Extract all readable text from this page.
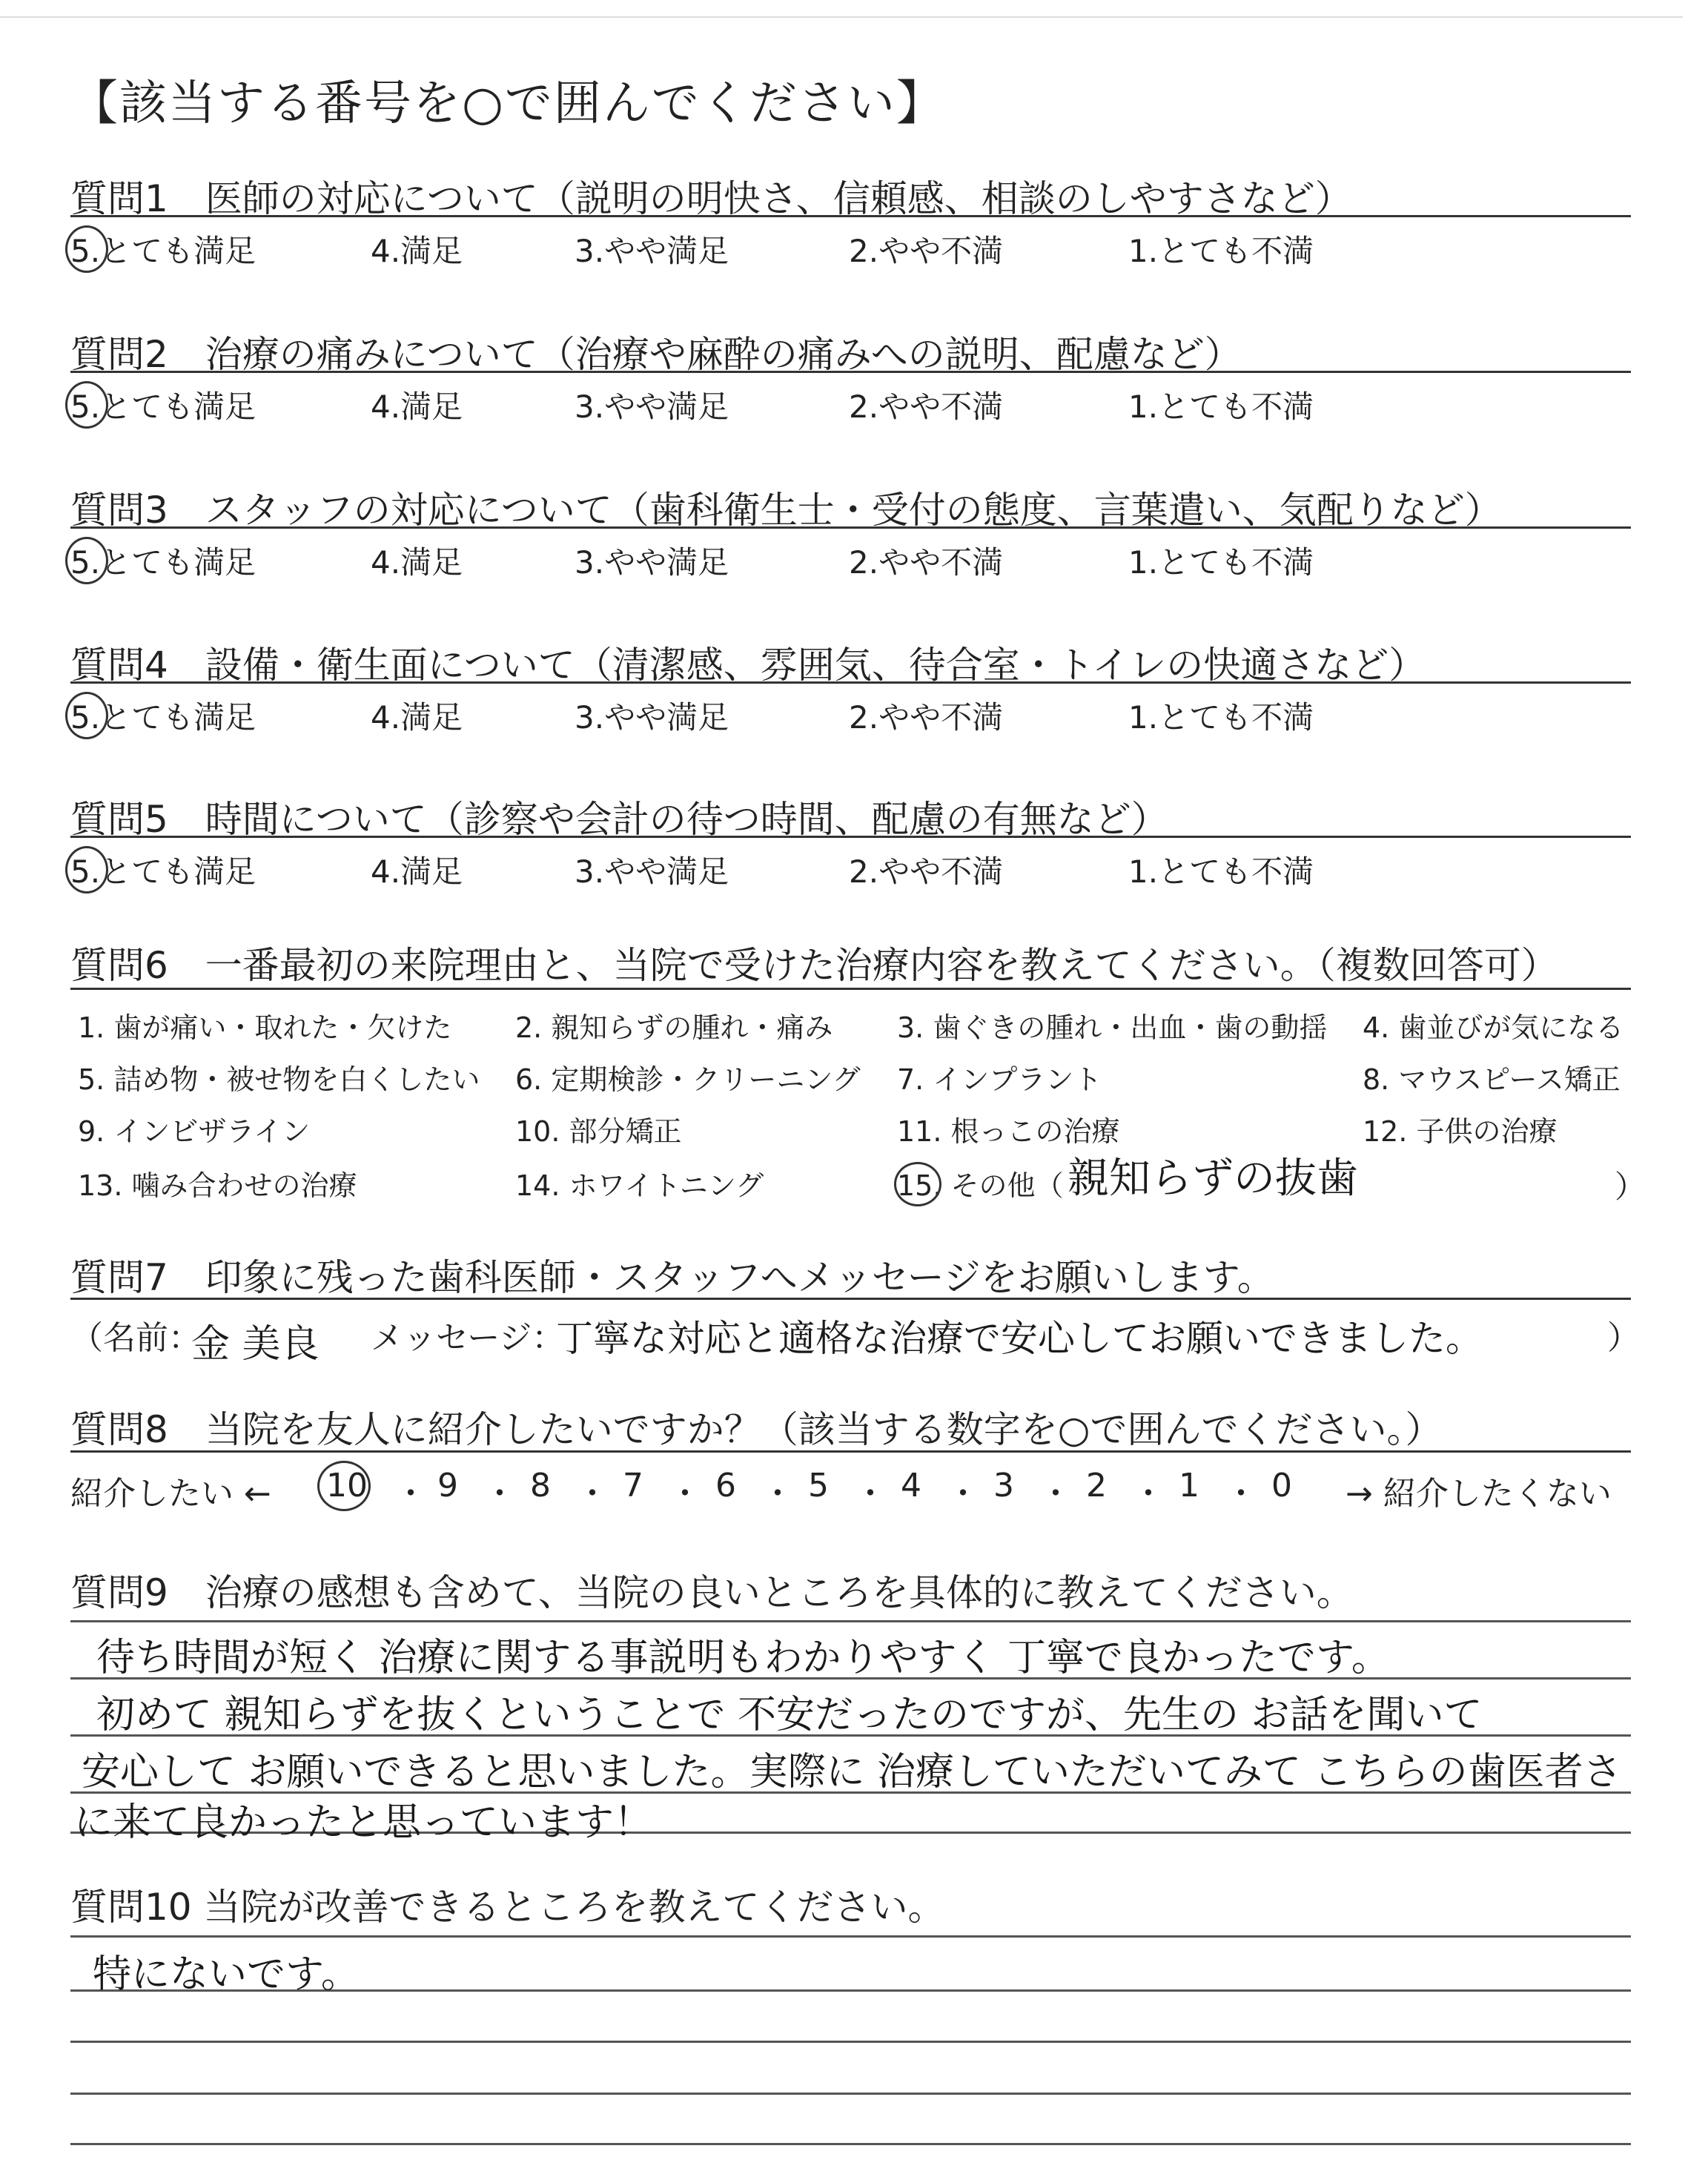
【該当する番号を○で囲んでください】
質問1　医師の対応について（説明の明快さ、信頼感、相談のしやすさなど）
5.とても満足	4.満足	3.やや満足	2.やや不満	1.とても不満
質問2　治療の痛みについて（治療や麻酔の痛みへの説明、配慮など）
5.とても満足	4.満足	3.やや満足	2.やや不満	1.とても不満
質問3　スタッフの対応について（歯科衛生士・受付の態度、言葉遣い、気配りなど）
5.とても満足	4.満足	3.やや満足	2.やや不満	1.とても不満
質問4　設備・衛生面について（清潔感、雰囲気、待合室・トイレの快適さなど）
5.とても満足	4.満足	3.やや満足	2.やや不満	1.とても不満
質問5　時間について（診察や会計の待つ時間、配慮の有無など）
5.とても満足	4.満足	3.やや満足	2.やや不満	1.とても不満
質問6　一番最初の来院理由と、当院で受けた治療内容を教えてください。（複数回答可）
1. 歯が痛い・取れた・欠けた 2. 親知らずの腫れ・痛み 3. 歯ぐきの腫れ・出血・歯の動揺 4. 歯並びが気になる
5. 詰め物・被せ物を白くしたい 6. 定期検診・クリーニング 7. インプラント	8. マウスピース矯正
9. インビザライン	10. 部分矯正	11. 根っこの治療	12. 子供の治療
13. 噛み合わせの治療	14. ホワイトニング	15. その他（ 親知らずの抜歯	）
質問7　印象に残った歯科医師・スタッフへメッセージをお願いします。
（名前：
金 美良 メッセージ：
丁寧な対応と適格な治療で安心してお願いできました。	）
質問8　当院を友人に紹介したいですか？（該当する数字を○で囲んでください。）
紹介したい ← 10 ・ 9 ・ 8 ・ 7 ・ 6 ・ 5 ・ 4 ・ 3 ・ 2 ・ 1 ・ 0 → 紹介したくない
質問9　治療の感想も含めて、当院の良いところを具体的に教えてください。
待ち時間が短く 治療に関する事説明もわかりやすく 丁寧で良かったです。
初めて 親知らずを抜くということで 不安だったのですが、先生の お話を聞いて
安心して お願いできると思いました。実際に 治療していただいてみて こちらの歯医者さ
に来て良かったと思っています！
質問10 当院が改善できるところを教えてください。
特にないです。
